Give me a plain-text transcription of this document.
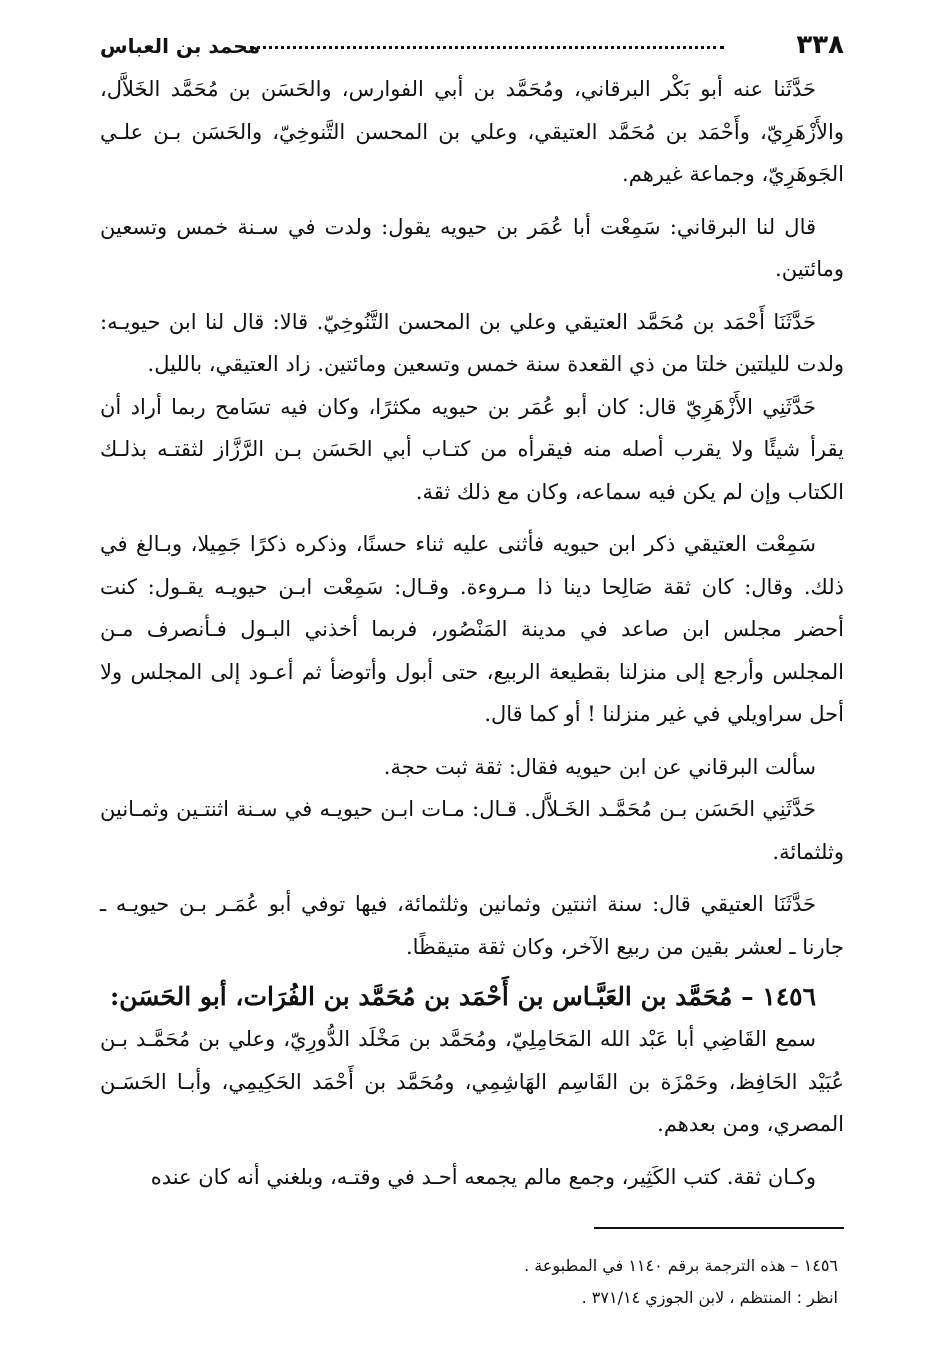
٣٣٨
محمد بن العباس

حَدَّثَنا عنه أبو بَكْر البرقاني، ومُحَمَّد بن أبي الفوارس، والحَسَن بن مُحَمَّد الخَلاَّل، والأَزْهَرِيّ، وأَحْمَد بن مُحَمَّد العتيقي، وعلي بن المحسن التَّنوخِيّ، والحَسَن بـن علـي الجَوهَرِيّ، وجماعة غيرهم.

قال لنا البرقاني: سَمِعْت أبا عُمَر بن حيويه يقول: ولدت في سـنة خمس وتسعين ومائتين.

حَدَّثَنَا أَحْمَد بن مُحَمَّد العتيقي وعلي بن المحسن التَّنُوخِيّ. قالا: قال لنا ابن حيويـه: ولدت لليلتين خلتا من ذي القعدة سنة خمس وتسعين ومائتين. زاد العتيقي، بالليل.

حَدَّثَنِي الأَزْهَرِيّ قال: كان أبو عُمَر بن حيويه مكثرًا، وكان فيه تسَامح ربما أراد أن يقرأ شيئًا ولا يقرب أصله منه فيقرأه من كتـاب أبي الحَسَن بـن الرَّزَّاز لثقتـه بذلـك الكتاب وإن لم يكن فيه سماعه، وكان مع ذلك ثقة.

سَمِعْت العتيقي ذكر ابن حيويه فأثنى عليه ثناء حسنًا، وذكره ذكرًا جَمِيلا، وبـالغ في ذلك. وقال: كان ثقة صَالِحا دينا ذا مـروءة. وقـال: سَمِعْت ابـن حيويـه يقـول: كنت أحضر مجلس ابن صاعد في مدينة المَنْصُور، فربما أخذني البـول فـأنصرف مـن المجلس وأرجع إلى منزلنا بقطيعة الربيع، حتى أبول وأتوضأ ثم أعـود إلى المجلس ولا أحل سراويلي في غير منزلنا ! أو كما قال.

سألت البرقاني عن ابن حيويه فقال: ثقة ثبت حجة.

حَدَّثَنِي الحَسَن بـن مُحَمَّـد الخَـلاَّل. قـال: مـات ابـن حيويـه في سـنة اثنتـين وثمـانين وثلثمائة.

حَدَّثَنَا العتيقي قال: سنة اثنتين وثمانين وثلثمائة، فيها توفي أبو عُمَـر بـن حيويـه ـ جارنا ـ لعشر بقين من ربيع الآخر، وكان ثقة متيقظًا.

١٤٥٦ – مُحَمَّد بن العَبَّـاس بن أَحْمَد بن مُحَمَّد بن الفُرَات، أبو الحَسَن:

سمع القَاضِي أبا عَبْد الله المَحَامِلِيّ، ومُحَمَّد بن مَخْلَد الدُّورِيّ، وعلي بن مُحَمَّـد بـن عُبَيْد الحَافِظ، وحَمْزَة بن القَاسِم الهَاشِمِي، ومُحَمَّد بن أَحْمَد الحَكِيمِي، وأبـا الحَسَـن المصري، ومن بعدهم.

وكـان ثقة. كتب الكَثِير، وجمع مالم يجمعه أحـد في وقتـه، وبلغني أنه كان عنده

١٤٥٦ – هذه الترجمة برقم ١١٤٠ في المطبوعة .
انظر : المنتظم ، لابن الجوزي ٣٧١/١٤ .
